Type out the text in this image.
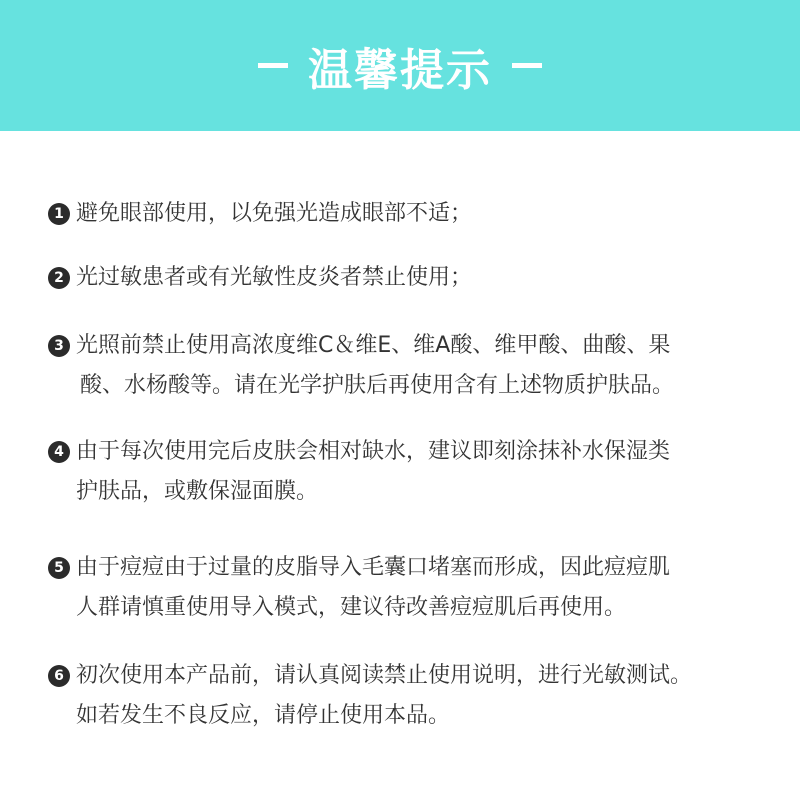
温馨提示
1 避免眼部使用，以免强光造成眼部不适；
2 光过敏患者或有光敏性皮炎者禁止使用；
3 光照前禁止使用高浓度维C＆维E、维A酸、维甲酸、曲酸、果
酸、水杨酸等。请在光学护肤后再使用含有上述物质护肤品。
4 由于每次使用完后皮肤会相对缺水，建议即刻涂抹补水保湿类
护肤品，或敷保湿面膜。
5 由于痘痘由于过量的皮脂导入毛囊口堵塞而形成，因此痘痘肌
人群请慎重使用导入模式，建议待改善痘痘肌后再使用。
6 初次使用本产品前，请认真阅读禁止使用说明，进行光敏测试。
如若发生不良反应，请停止使用本品。
